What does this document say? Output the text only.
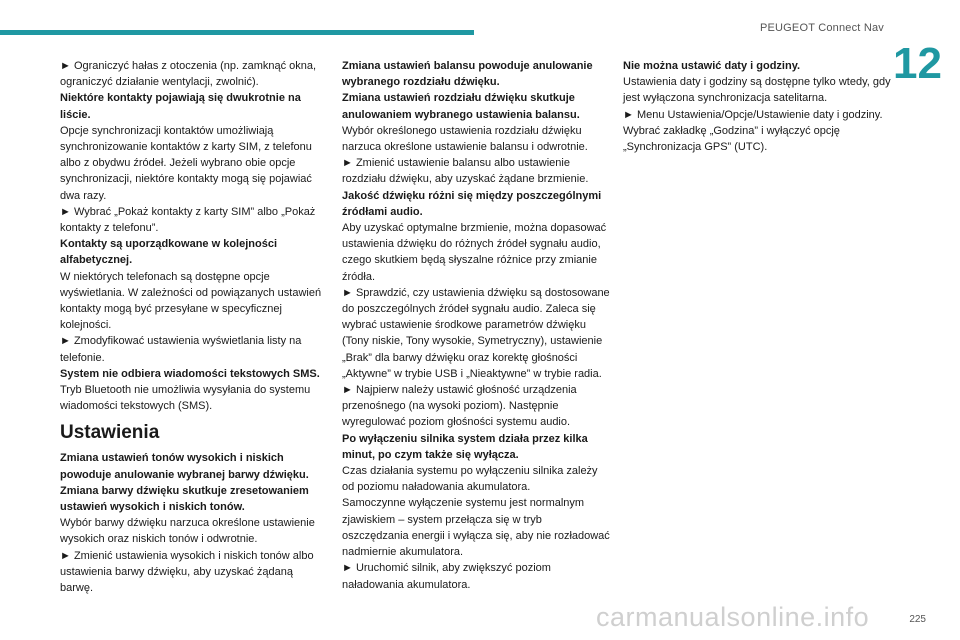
PEUGEOT Connect Nav
12

► Ograniczyć hałas z otoczenia (np. zamknąć okna, ograniczyć działanie wentylacji, zwolnić).

Niektóre kontakty pojawiają się dwukrotnie na liście.

Opcje synchronizacji kontaktów umożliwiają synchronizowanie kontaktów z karty SIM, z telefonu albo z obydwu źródeł. Jeżeli wybrano obie opcje synchronizacji, niektóre kontakty mogą się pojawiać dwa razy.

► Wybrać „Pokaż kontakty z karty SIM” albo „Pokaż kontakty z telefonu”.

Kontakty są uporządkowane w kolejności alfabetycznej.

W niektórych telefonach są dostępne opcje wyświetlania. W zależności od powiązanych ustawień kontakty mogą być przesyłane w specyficznej kolejności.

► Zmodyfikować ustawienia wyświetlania listy na telefonie.

System nie odbiera wiadomości tekstowych SMS.

Tryb Bluetooth nie umożliwia wysyłania do systemu wiadomości tekstowych (SMS).

Ustawienia

Zmiana ustawień tonów wysokich i niskich powoduje anulowanie wybranej barwy dźwięku.

Zmiana barwy dźwięku skutkuje zresetowaniem ustawień wysokich i niskich tonów.

Wybór barwy dźwięku narzuca określone ustawienie wysokich oraz niskich tonów i odwrotnie.

► Zmienić ustawienia wysokich i niskich tonów albo ustawienia barwy dźwięku, aby uzyskać żądaną barwę.

Zmiana ustawień balansu powoduje anulowanie wybranego rozdziału dźwięku.

Zmiana ustawień rozdziału dźwięku skutkuje anulowaniem wybranego ustawienia balansu.

Wybór określonego ustawienia rozdziału dźwięku narzuca określone ustawienie balansu i odwrotnie.

► Zmienić ustawienie balansu albo ustawienie rozdziału dźwięku, aby uzyskać żądane brzmienie.

Jakość dźwięku różni się między poszczególnymi źródłami audio.

Aby uzyskać optymalne brzmienie, można dopasować ustawienia dźwięku do różnych źródeł sygnału audio, czego skutkiem będą słyszalne różnice przy zmianie źródła.

► Sprawdzić, czy ustawienia dźwięku są dostosowane do poszczególnych źródeł sygnału audio. Zaleca się wybrać ustawienie środkowe parametrów dźwięku (Tony niskie, Tony wysokie, Symetryczny), ustawienie „Brak” dla barwy dźwięku oraz korektę głośności „Aktywne” w trybie USB i „Nieaktywne” w trybie radia.

► Najpierw należy ustawić głośność urządzenia przenośnego (na wysoki poziom). Następnie wyregulować poziom głośności systemu audio.

Po wyłączeniu silnika system działa przez kilka minut, po czym także się wyłącza.

Czas działania systemu po wyłączeniu silnika zależy od poziomu naładowania akumulatora.

Samoczynne wyłączenie systemu jest normalnym zjawiskiem – system przełącza się w tryb oszczędzania energii i wyłącza się, aby nie rozładować nadmiernie akumulatora.

► Uruchomić silnik, aby zwiększyć poziom naładowania akumulatora.

Nie można ustawić daty i godziny.

Ustawienia daty i godziny są dostępne tylko wtedy, gdy jest wyłączona synchronizacja satelitarna.

► Menu Ustawienia/Opcje/Ustawienie daty i godziny. Wybrać zakładkę „Godzina” i wyłączyć opcję „Synchronizacja GPS” (UTC).

225
carmanualsonline.info
